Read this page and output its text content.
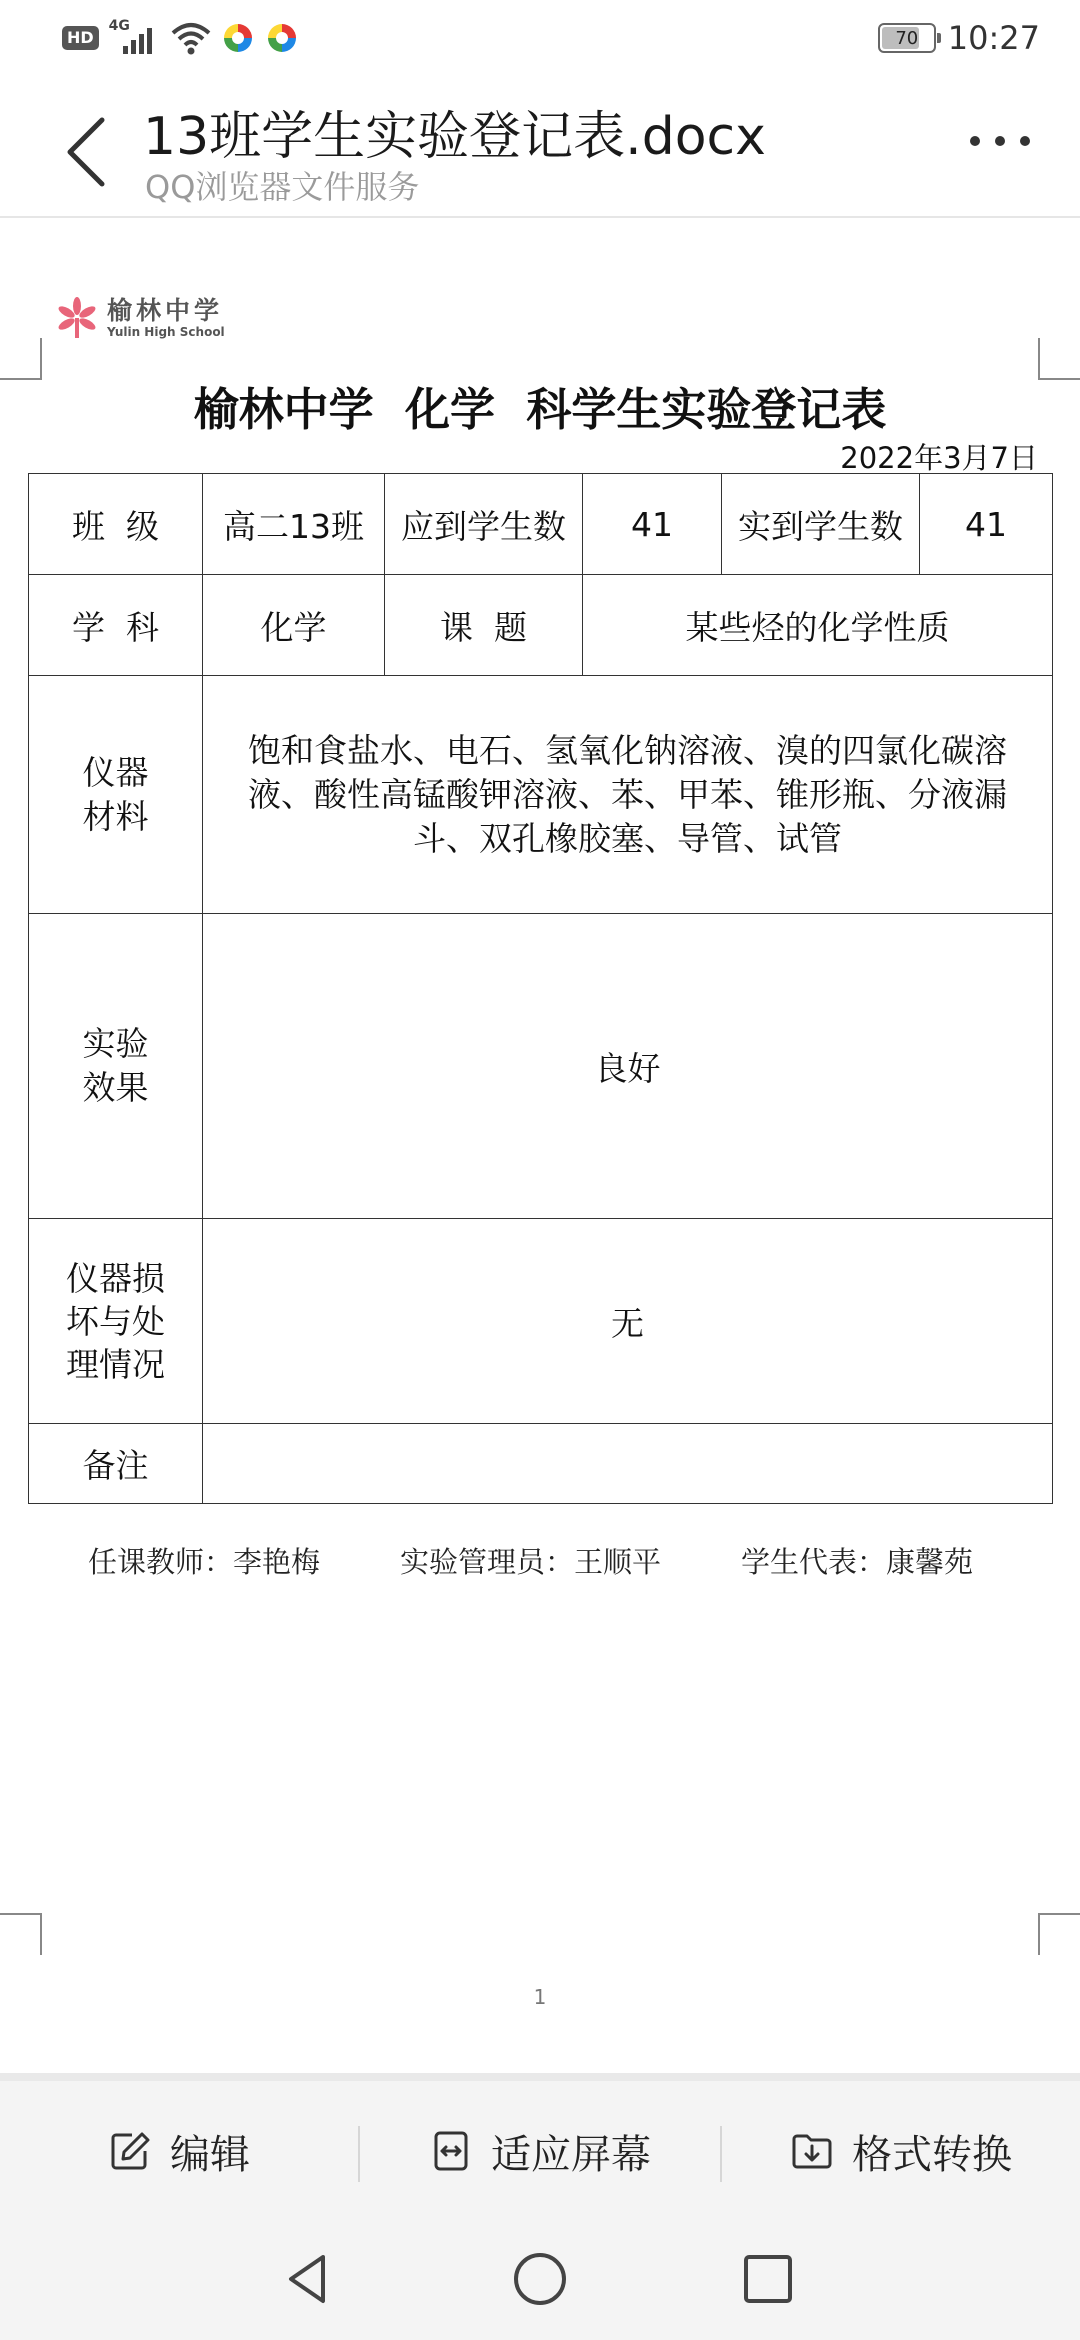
HD
4G
70 10:27
13班学生实验登记表.docx
QQ浏览器文件服务
榆林中学
Yulin High School
榆林中学  化学  科学生实验登记表
2022年3月7日
班  级	高二13班	应到学生数	41	实到学生数	41
学  科	化学	课  题	某些烃的化学性质		

仪器
材料	饱和食盐水、电石、氢氧化钠溶液、溴的四氯化碳溶液、酸性高锰酸钾溶液、苯、甲苯、锥形瓶、分液漏斗、双孔橡胶塞、导管、试管				

实验
效果	良好				

仪器损
坏与处
理情况	无				
备注					
任课教师：李艳梅	实验管理员：王顺平	学生代表：康馨苑
1
编辑	适应屏幕	格式转换
